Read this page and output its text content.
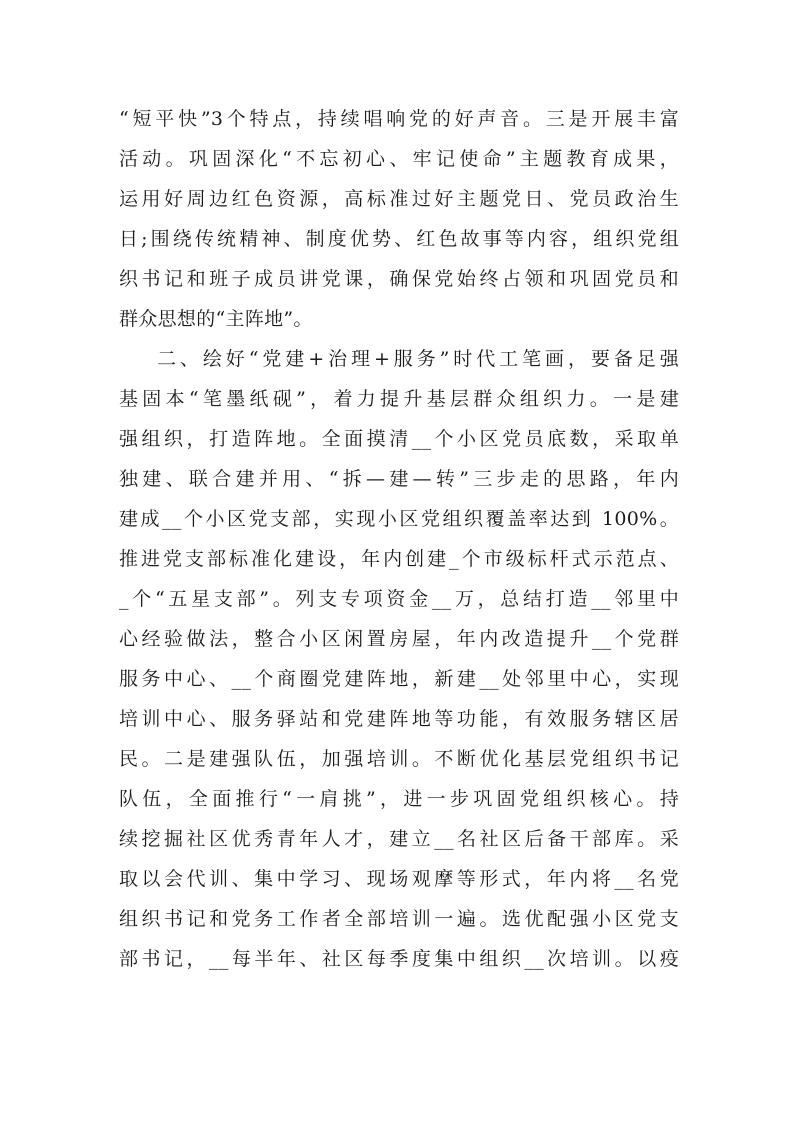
“短平快”3个特点，持续唱响党的好声音。三是开展丰富
活动。巩固深化“不忘初心、牢记使命”主题教育成果，
运用好周边红色资源，高标准过好主题党日、党员政治生
日;围绕传统精神、制度优势、红色故事等内容，组织党组
织书记和班子成员讲党课，确保党始终占领和巩固党员和
群众思想的“主阵地”。
二、绘好“党建+治理+服务”时代工笔画，要备足强
基固本“笔墨纸砚”，着力提升基层群众组织力。一是建
强组织，打造阵地。全面摸清__个小区党员底数，采取单
独建、联合建并用、“拆—建—转”三步走的思路，年内
建成__个小区党支部，实现小区党组织覆盖率达到 100%。
推进党支部标准化建设，年内创建_个市级标杆式示范点、
_个“五星支部”。列支专项资金__万，总结打造__邻里中
心经验做法，整合小区闲置房屋，年内改造提升__个党群
服务中心、__个商圈党建阵地，新建__处邻里中心，实现
培训中心、服务驿站和党建阵地等功能，有效服务辖区居
民。二是建强队伍，加强培训。不断优化基层党组织书记
队伍，全面推行“一肩挑”，进一步巩固党组织核心。持
续挖掘社区优秀青年人才，建立__名社区后备干部库。采
取以会代训、集中学习、现场观摩等形式，年内将__名党
组织书记和党务工作者全部培训一遍。选优配强小区党支
部书记，__每半年、社区每季度集中组织__次培训。以疫
